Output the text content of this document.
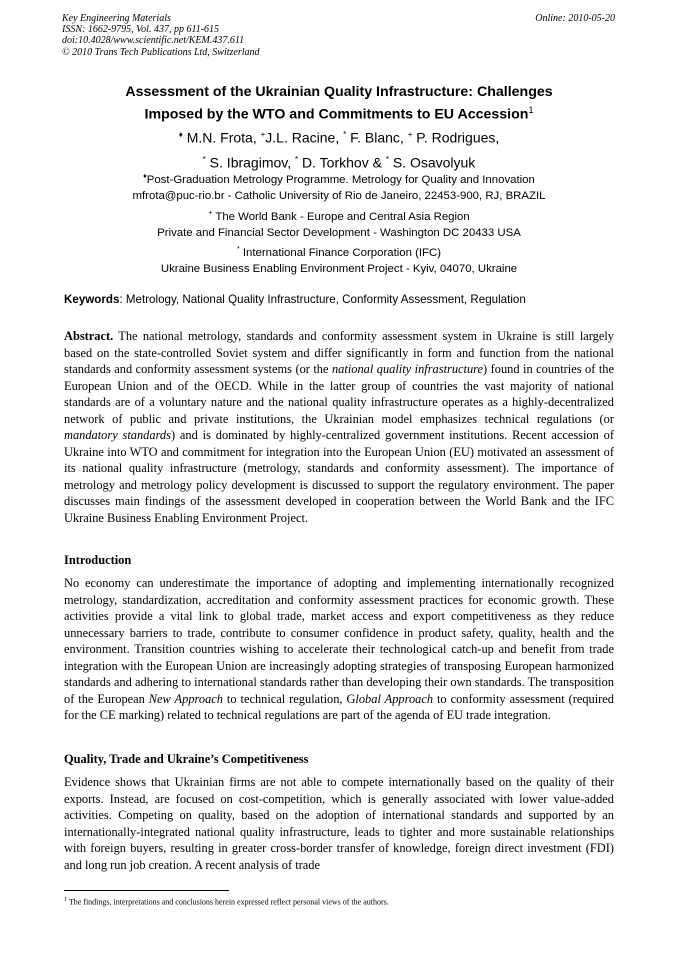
Key Engineering Materials
ISSN: 1662-9795, Vol. 437, pp 611-615
doi:10.4028/www.scientific.net/KEM.437.611
© 2010 Trans Tech Publications Ltd, Switzerland
Online: 2010-05-20
Assessment of the Ukrainian Quality Infrastructure: Challenges
Imposed by the WTO and Commitments to EU Accession$^1$
♦ M.N. Frota, +J.L. Racine, * F. Blanc, + P. Rodrigues,
* S. Ibragimov, * D. Torkhov & * S. Osavolyuk
♦Post-Graduation Metrology Programme. Metrology for Quality and Innovation
mfrota@puc-rio.br - Catholic University of Rio de Janeiro, 22453-900, RJ, BRAZIL
+ The World Bank - Europe and Central Asia Region
Private and Financial Sector Development - Washington DC 20433 USA
* International Finance Corporation (IFC)
Ukraine Business Enabling Environment Project - Kyiv, 04070, Ukraine
Keywords: Metrology, National Quality Infrastructure, Conformity Assessment, Regulation
Abstract. The national metrology, standards and conformity assessment system in Ukraine is still largely based on the state-controlled Soviet system and differ significantly in form and function from the national standards and conformity assessment systems (or the national quality infrastructure) found in countries of the European Union and of the OECD. While in the latter group of countries the vast majority of national standards are of a voluntary nature and the national quality infrastructure operates as a highly-decentralized network of public and private institutions, the Ukrainian model emphasizes technical regulations (or mandatory standards) and is dominated by highly-centralized government institutions. Recent accession of Ukraine into WTO and commitment for integration into the European Union (EU) motivated an assessment of its national quality infrastructure (metrology, standards and conformity assessment). The importance of metrology and metrology policy development is discussed to support the regulatory environment. The paper discusses main findings of the assessment developed in cooperation between the World Bank and the IFC Ukraine Business Enabling Environment Project.
Introduction
No economy can underestimate the importance of adopting and implementing internationally recognized metrology, standardization, accreditation and conformity assessment practices for economic growth. These activities provide a vital link to global trade, market access and export competitiveness as they reduce unnecessary barriers to trade, contribute to consumer confidence in product safety, quality, health and the environment. Transition countries wishing to accelerate their technological catch-up and benefit from trade integration with the European Union are increasingly adopting strategies of transposing European harmonized standards and adhering to international standards rather than developing their own standards. The transposition of the European New Approach to technical regulation, Global Approach to conformity assessment (required for the CE marking) related to technical regulations are part of the agenda of EU trade integration.
Quality, Trade and Ukraine’s Competitiveness
Evidence shows that Ukrainian firms are not able to compete internationally based on the quality of their exports. Instead, are focused on cost-competition, which is generally associated with lower value-added activities. Competing on quality, based on the adoption of international standards and supported by an internationally-integrated national quality infrastructure, leads to tighter and more sustainable relationships with foreign buyers, resulting in greater cross-border transfer of knowledge, foreign direct investment (FDI) and long run job creation. A recent analysis of trade
$^1$ The findings, interpretations and conclusions herein expressed reflect personal views of the authors.
